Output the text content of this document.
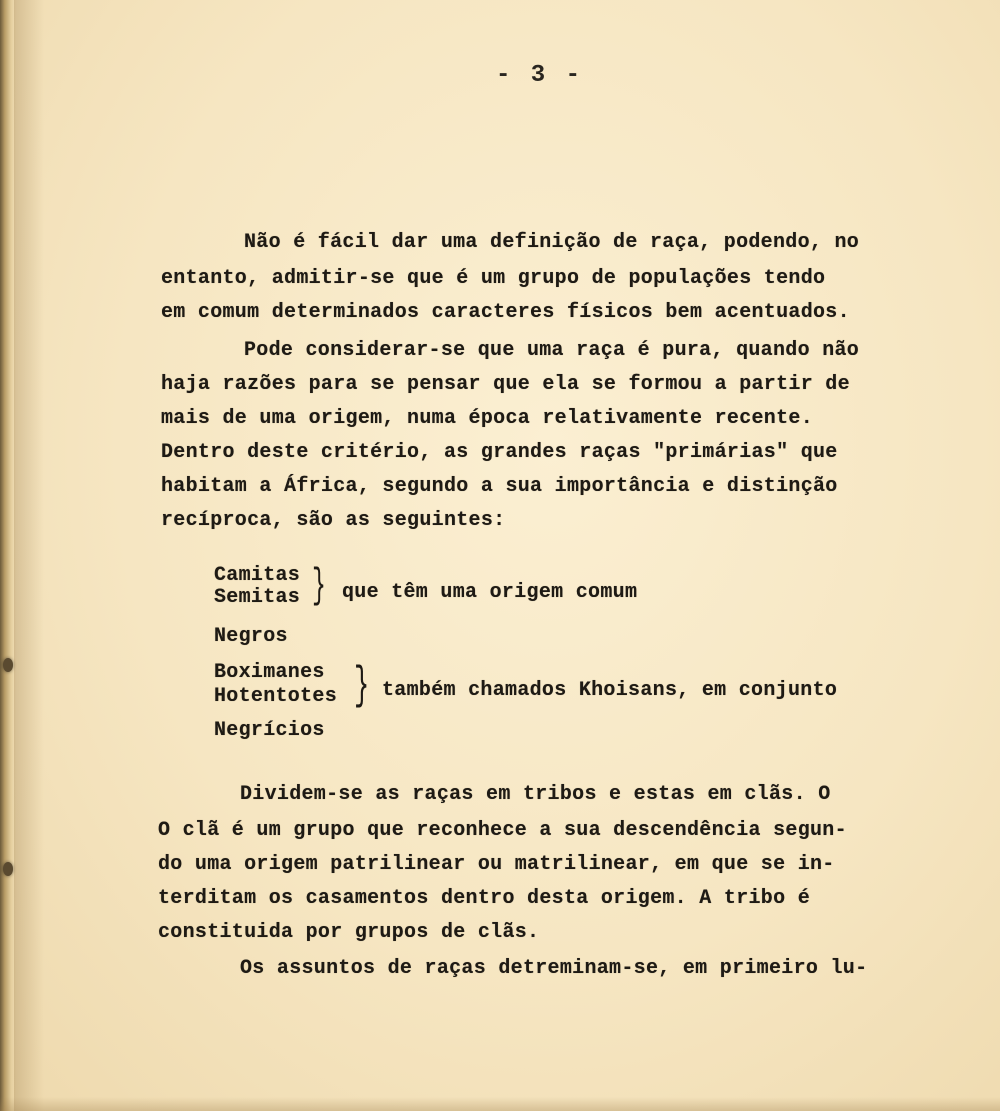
- 3 -
Não é fácil dar uma definição de raça, podendo, no
entanto, admitir-se que é um grupo de populações tendo
em comum determinados caracteres físicos bem acentuados.
Pode considerar-se que uma raça é pura, quando não
haja razões para se pensar que ela se formou a partir de
mais de uma origem, numa época relativamente recente.
Dentro deste critério, as grandes raças "primárias" que
habitam a África, segundo a sua importância e distinção
recíproca, são as seguintes:
Camitas
Semitas } que têm uma origem comum
Negros
Boximanes
Hotentotes } também chamados Khoisans, em conjunto
Negrícios
Dividem-se as raças em tribos e estas em clãs. O
O clã é um grupo que reconhece a sua descendência segun-
do uma origem patrilinear ou matrilinear, em que se in-
terditam os casamentos dentro desta origem. A tribo é
constituida por grupos de clãs.
Os assuntos de raças detreminam-se, em primeiro lu-
